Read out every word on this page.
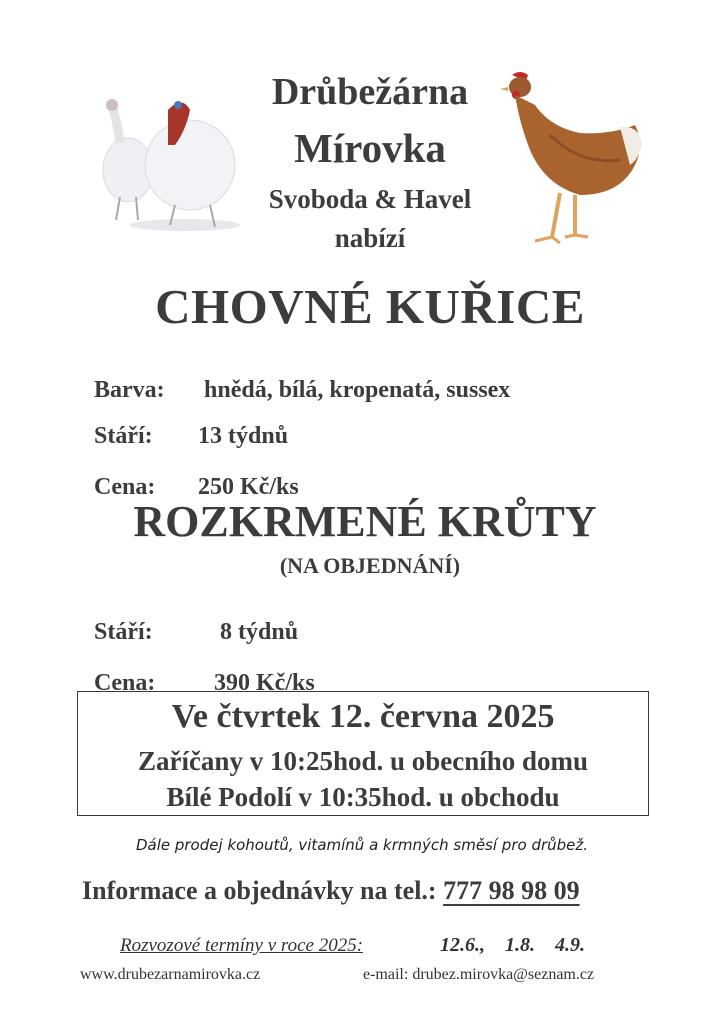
Drůbežárna
Mírovka
Svoboda & Havel
nabízí
CHOVNÉ KUŘICE

Barva: hnědá, bílá, kropenatá, sussex

Stáří: 13 týdnů

Cena: 250 Kč/ks

ROZKRMENÉ KRŮTY
(NA OBJEDNÁNÍ)

Stáří:	8 týdnů

Cena: 390 Kč/ks

Ve čtvrtek 12. června 2025
Zaříčany v 10:25hod. u obecního domu
Bílé Podolí v 10:35hod. u obchodu
Dále prodej kohoutů, vitamínů a krmných směsí pro drůbež.
Informace a objednávky na tel.: 777 98 98 09
Rozvozové termíny v roce 2025:	12.6., 1.8. 4.9.
www.drubezarnamirovka.cz	e-mail: drubez.mirovka@seznam.cz
